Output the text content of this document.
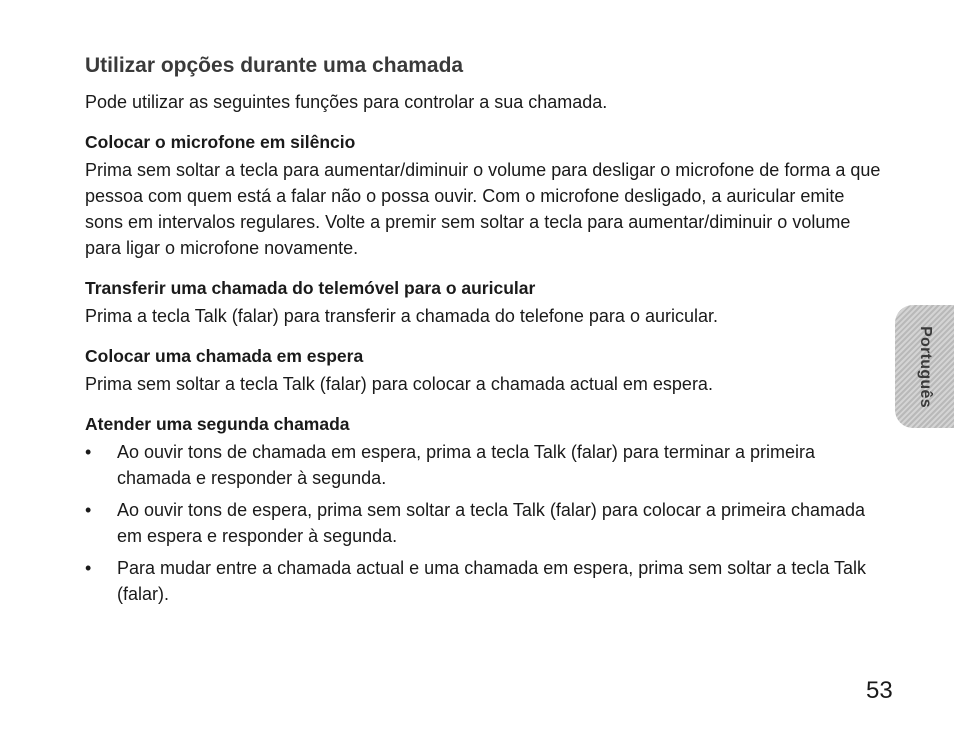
Utilizar opções durante uma chamada

Pode utilizar as seguintes funções para controlar a sua chamada.

Colocar o microfone em silêncio

Prima sem soltar a tecla para aumentar/diminuir o volume para desligar o microfone de forma a que pessoa com quem está a falar não o possa ouvir. Com o microfone desligado, a auricular emite sons em intervalos regulares. Volte a premir sem soltar a tecla para aumentar/diminuir o volume para ligar o microfone novamente.

Transferir uma chamada do telemóvel para o auricular

Prima a tecla Talk (falar) para transferir a chamada do telefone para o auricular.

Colocar uma chamada em espera

Prima sem soltar a tecla Talk (falar) para colocar a chamada actual em espera.

Atender uma segunda chamada
• Ao ouvir tons de chamada em espera, prima a tecla Talk (falar) para terminar a primeira chamada e responder à segunda.
• Ao ouvir tons de espera, prima sem soltar a tecla Talk (falar) para colocar a primeira chamada em espera e responder à segunda.
• Para mudar entre a chamada actual e uma chamada em espera, prima sem soltar a tecla Talk (falar).
Português
53
